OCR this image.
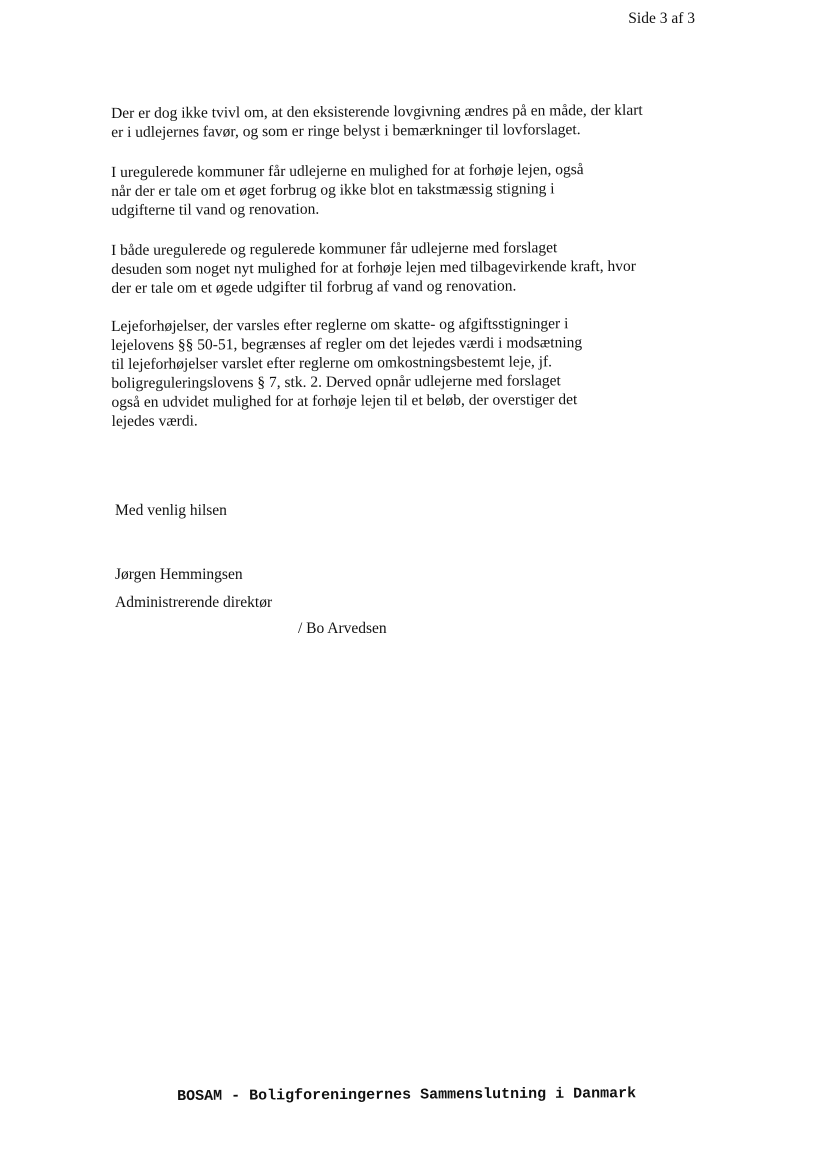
Side 3 af 3

Der er dog ikke tvivl om, at den eksisterende lovgivning ændres på en måde, der klart
er i udlejernes favør, og som er ringe belyst i bemærkninger til lovforslaget.

I uregulerede kommuner får udlejerne en mulighed for at forhøje lejen, også
når der er tale om et øget forbrug og ikke blot en takstmæssig stigning i
udgifterne til vand og renovation.

I både uregulerede og regulerede kommuner får udlejerne med forslaget
desuden som noget nyt mulighed for at forhøje lejen med tilbagevirkende kraft, hvor
der er tale om et øgede udgifter til forbrug af vand og renovation.

Lejeforhøjelser, der varsles efter reglerne om skatte- og afgiftsstigninger i
lejelovens §§ 50-51, begrænses af regler om det lejedes værdi i modsætning
til lejeforhøjelser varslet efter reglerne om omkostningsbestemt leje, jf.
boligreguleringslovens § 7, stk. 2. Derved opnår udlejerne med forslaget
også en udvidet mulighed for at forhøje lejen til et beløb, der overstiger det
lejedes værdi.

Med venlig hilsen
Jørgen Hemmingsen
Administrerende direktør
/ Bo Arvedsen
BOSAM - Boligforeningernes Sammenslutning i Danmark
